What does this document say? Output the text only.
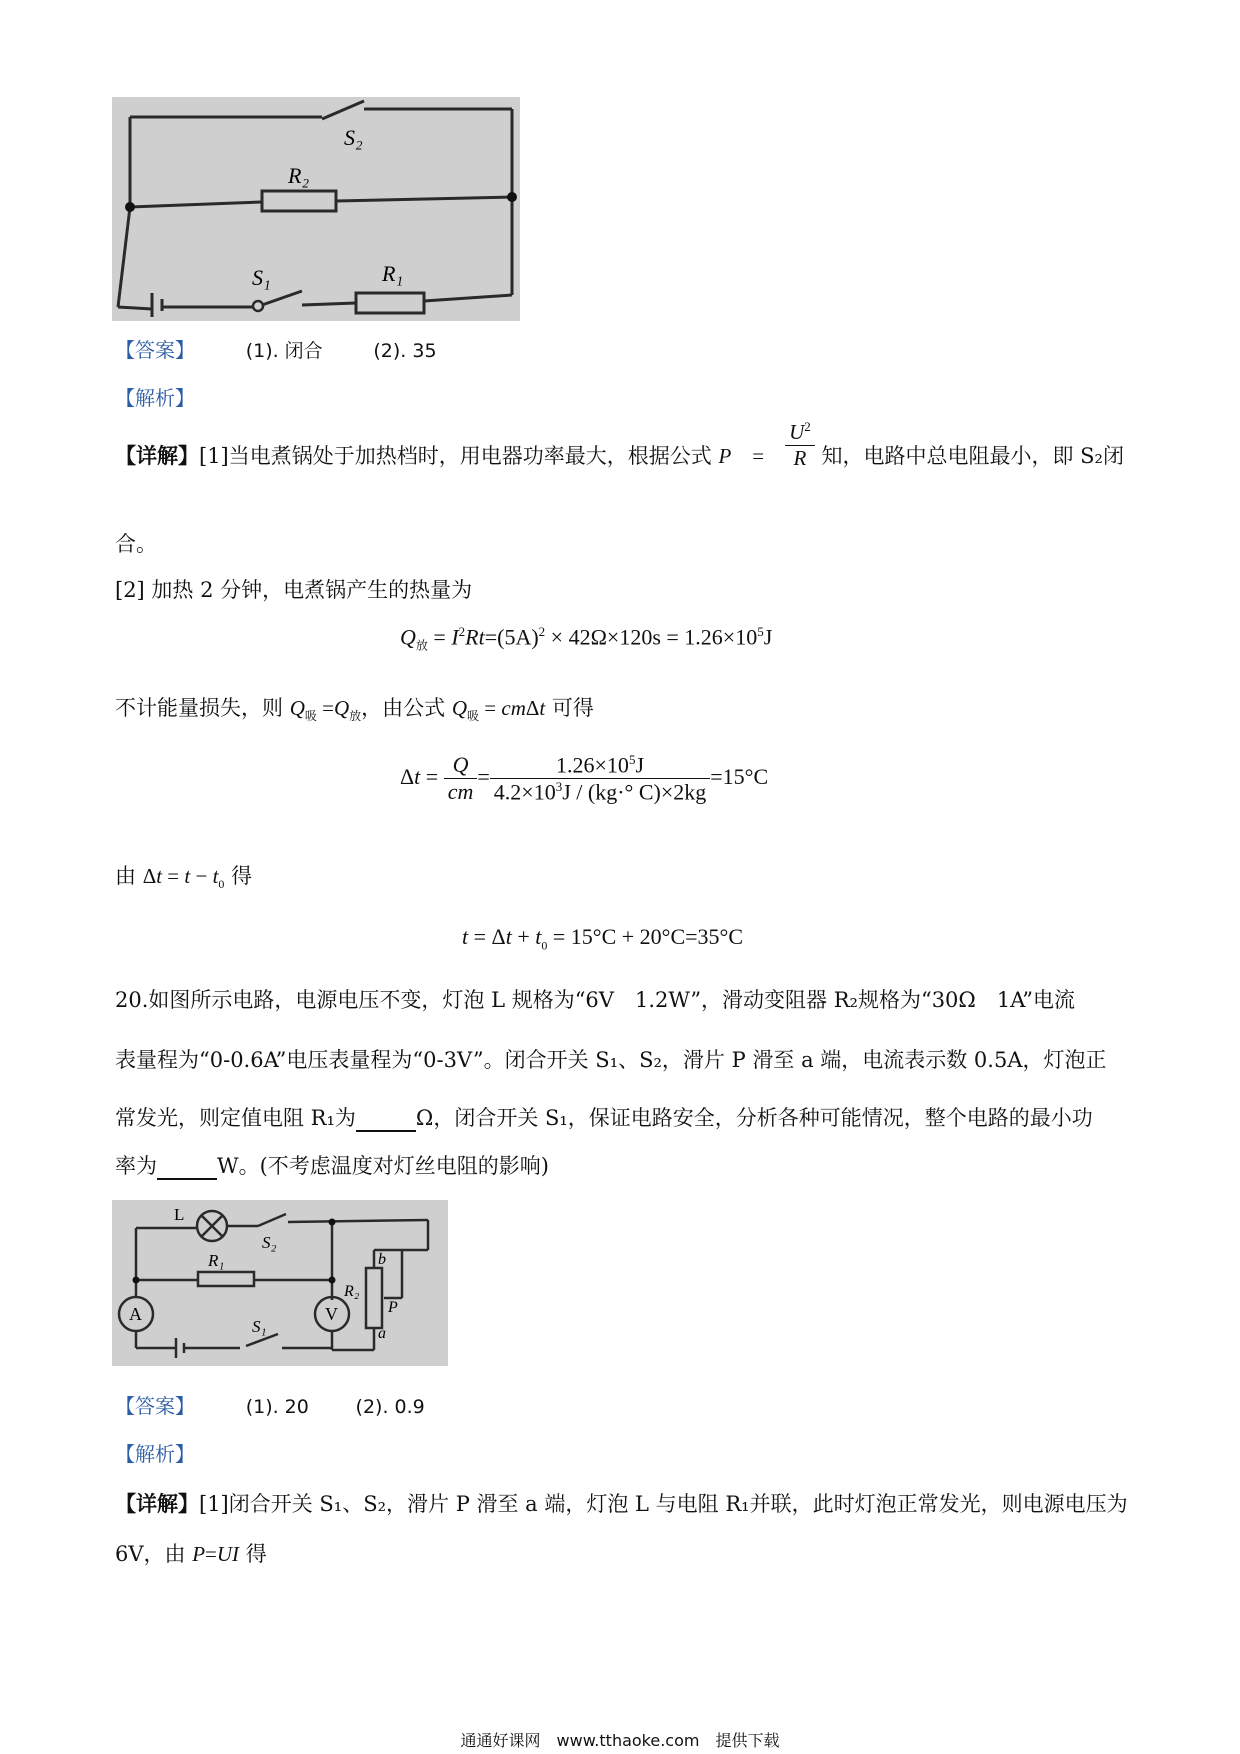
S₂
R₂
S₁	R₁
【答案】	(1). 闭合	(2). 35
【解析】
【详解】[1]当电煮锅处于加热档时，用电器功率最大，根据公式 P　=　 $\frac{U^2}{R}$ 知，电路中总电阻最小，即 S₂闭
合。
[2] 加热 2 分钟，电煮锅产生的热量为
$Q_放 = I^2Rt=(5A)^2 \times 42\Omega\times 120s = 1.26\times 10^5J$
不计能量损失，则 $Q_吸 =Q_放$，由公式 $Q_吸 = cm\Delta t$ 可得
$\Delta t = \frac{Q}{cm} = \frac{1.26\times 10^5J}{4.2\times 10^3J / (kg\cdot^\circ C)\times 2kg} =15^\circ C$
由 $\Delta t = t - t_0$ 得
$t = \Delta t + t_0 = 15^\circ C + 20^\circ C=35^\circ C$
20.如图所示电路，电源电压不变，灯泡 L 规格为“6V　1.2W”，滑动变阻器 R₂规格为“30Ω　1A”电流
表量程为“0-0.6A”电压表量程为“0-3V”。闭合开关 S₁、S₂，滑片 P 滑至 a 端，电流表示数 0.5A，灯泡正
常发光，则定值电阻 R₁为	Ω，闭合开关 S₁，保证电路安全，分析各种可能情况，整个电路的最小功
率为	W。(不考虑温度对灯丝电阻的影响)
L
S₂
R₁
A	V
R₂
b
P
a
S₁
【答案】	(1). 20 (2). 0.9
【解析】
【详解】[1]闭合开关 S₁、S₂，滑片 P 滑至 a 端，灯泡 L 与电阻 R₁并联，此时灯泡正常发光，则电源电压为
6V，由 P=UI 得
通通好课网　www.tthaoke.com　提供下载
